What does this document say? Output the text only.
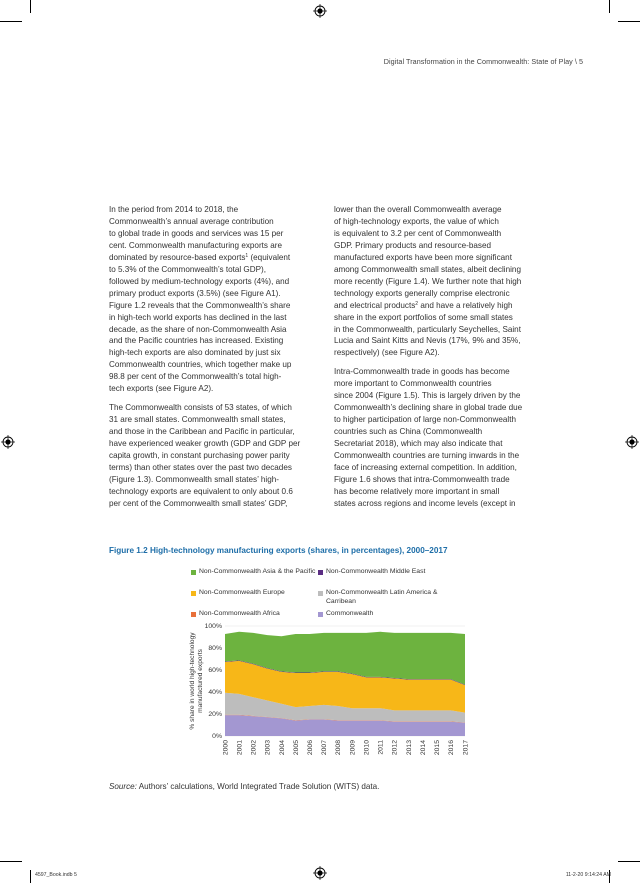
Digital Transformation in the Commonwealth: State of Play \ 5

In the period from 2014 to 2018, the
Commonwealth’s annual average contribution
to global trade in goods and services was 15 per
cent. Commonwealth manufacturing exports are
dominated by resource-based exports$^1$ (equivalent
to 5.3% of the Commonwealth’s total GDP),
followed by medium-technology exports (4%), and
primary product exports (3.5%) (see Figure A1).
Figure 1.2 reveals that the Commonwealth’s share
in high-tech world exports has declined in the last
decade, as the share of non-Commonwealth Asia
and the Pacific countries has increased. Existing
high-tech exports are also dominated by just six
Commonwealth countries, which together make up
98.8 per cent of the Commonwealth’s total high-
tech exports (see Figure A2).

The Commonwealth consists of 53 states, of which
31 are small states. Commonwealth small states,
and those in the Caribbean and Pacific in particular,
have experienced weaker growth (GDP and GDP per
capita growth, in constant purchasing power parity
terms) than other states over the past two decades
(Figure 1.3). Commonwealth small states’ high-
technology exports are equivalent to only about 0.6
per cent of the Commonwealth small states’ GDP,

lower than the overall Commonwealth average
of high-technology exports, the value of which
is equivalent to 3.2 per cent of Commonwealth
GDP. Primary products and resource-based
manufactured exports have been more significant
among Commonwealth small states, albeit declining
more recently (Figure 1.4). We further note that high
technology exports generally comprise electronic
and electrical products$^2$ and have a relatively high
share in the export portfolios of some small states
in the Commonwealth, particularly Seychelles, Saint
Lucia and Saint Kitts and Nevis (17%, 9% and 35%,
respectively) (see Figure A2).

Intra-Commonwealth trade in goods has become
more important to Commonwealth countries
since 2004 (Figure 1.5). This is largely driven by the
Commonwealth’s declining share in global trade due
to higher participation of large non-Commonwealth
countries such as China (Commonwealth
Secretariat 2018), which may also indicate that
Commonwealth countries are turning inwards in the
face of increasing external competition. In addition,
Figure 1.6 shows that intra-Commonwealth trade
has become relatively more important in small
states across regions and income levels (except in

Figure 1.2 High-technology manufacturing exports (shares, in percentages), 2000–2017
Non-Commonwealth Asia & the Pacific Non-Commonwealth Middle East
Non-Commonwealth Europe	Non-Commonwealth Latin America & Carribean
Non-Commonwealth Africa	Commonwealth
0%
20%
40%
60%
80%
100%
2000 2001 2002 2003 2004 2005 2006 2007 2008 2009 2010 2011 2012 2013 2014 2015 2016 2017
% share in world high-technologymanufactured exports
Source: Authors’ calculations, World Integrated Trade Solution (WITS) data.
4597_Book.indb 5	11-2-20 9:14:24 AM
